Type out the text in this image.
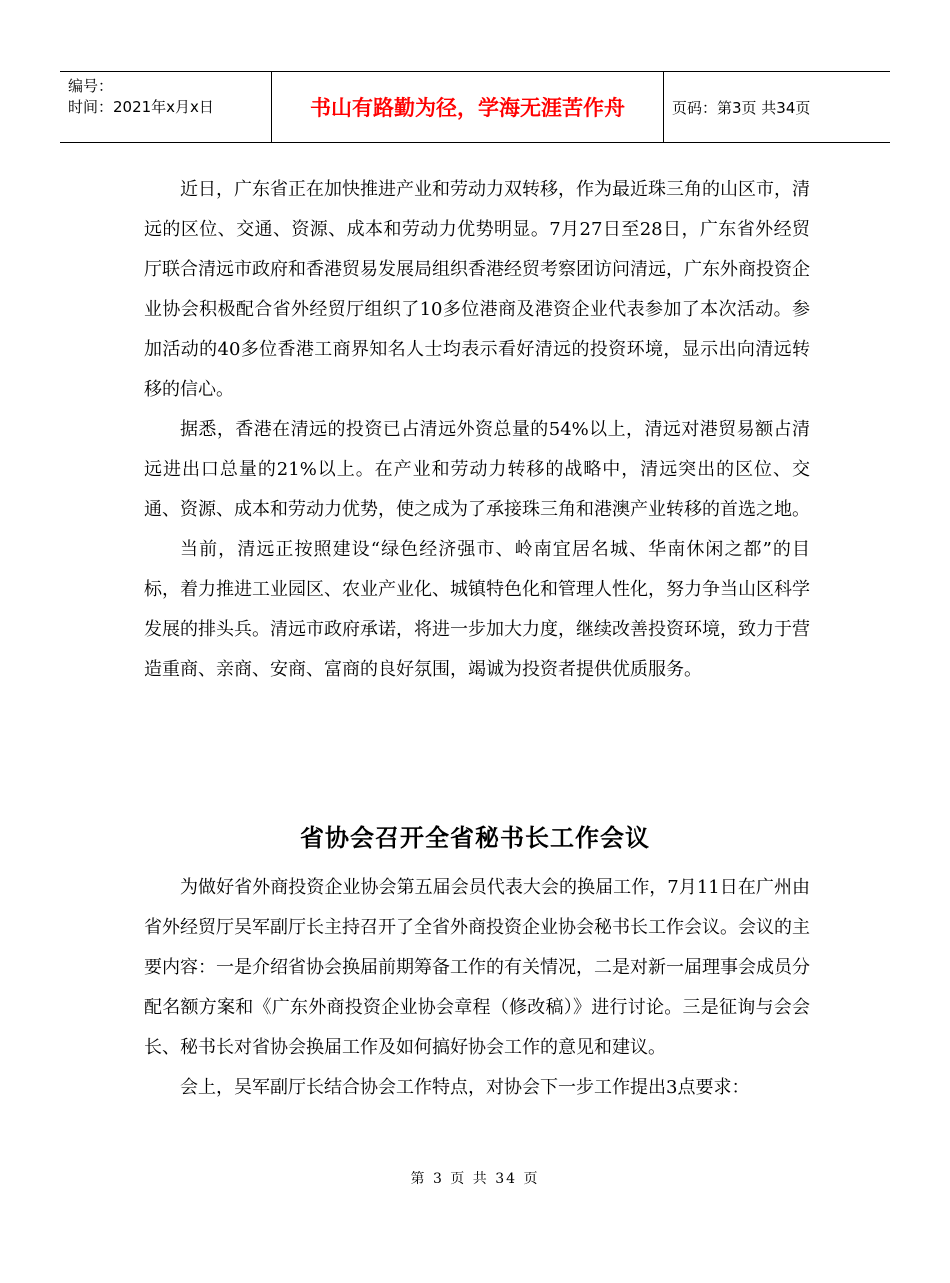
编号：
时间：2021年x月x日	书山有路勤为径，学海无涯苦作舟	页码：第3页 共34页

近日，广东省正在加快推进产业和劳动力双转移，作为最近珠三角的山区市，清远的区位、交通、资源、成本和劳动力优势明显。7月27日至28日，广东省外经贸厅联合清远市政府和香港贸易发展局组织香港经贸考察团访问清远，广东外商投资企业协会积极配合省外经贸厅组织了10多位港商及港资企业代表参加了本次活动。参加活动的40多位香港工商界知名人士均表示看好清远的投资环境，显示出向清远转移的信心。

据悉，香港在清远的投资已占清远外资总量的54%以上，清远对港贸易额占清远进出口总量的21%以上。在产业和劳动力转移的战略中，清远突出的区位、交通、资源、成本和劳动力优势，使之成为了承接珠三角和港澳产业转移的首选之地。

当前，清远正按照建设“绿色经济强市、岭南宜居名城、华南休闲之都”的目标，着力推进工业园区、农业产业化、城镇特色化和管理人性化，努力争当山区科学发展的排头兵。清远市政府承诺，将进一步加大力度，继续改善投资环境，致力于营造重商、亲商、安商、富商的良好氛围，竭诚为投资者提供优质服务。

省协会召开全省秘书长工作会议

为做好省外商投资企业协会第五届会员代表大会的换届工作，7月11日在广州由省外经贸厅吴军副厅长主持召开了全省外商投资企业协会秘书长工作会议。会议的主要内容：一是介绍省协会换届前期筹备工作的有关情况，二是对新一届理事会成员分配名额方案和《广东外商投资企业协会章程（修改稿）》进行讨论。三是征询与会会长、秘书长对省协会换届工作及如何搞好协会工作的意见和建议。

会上，吴军副厅长结合协会工作特点，对协会下一步工作提出3点要求：

第 3 页 共 34 页
